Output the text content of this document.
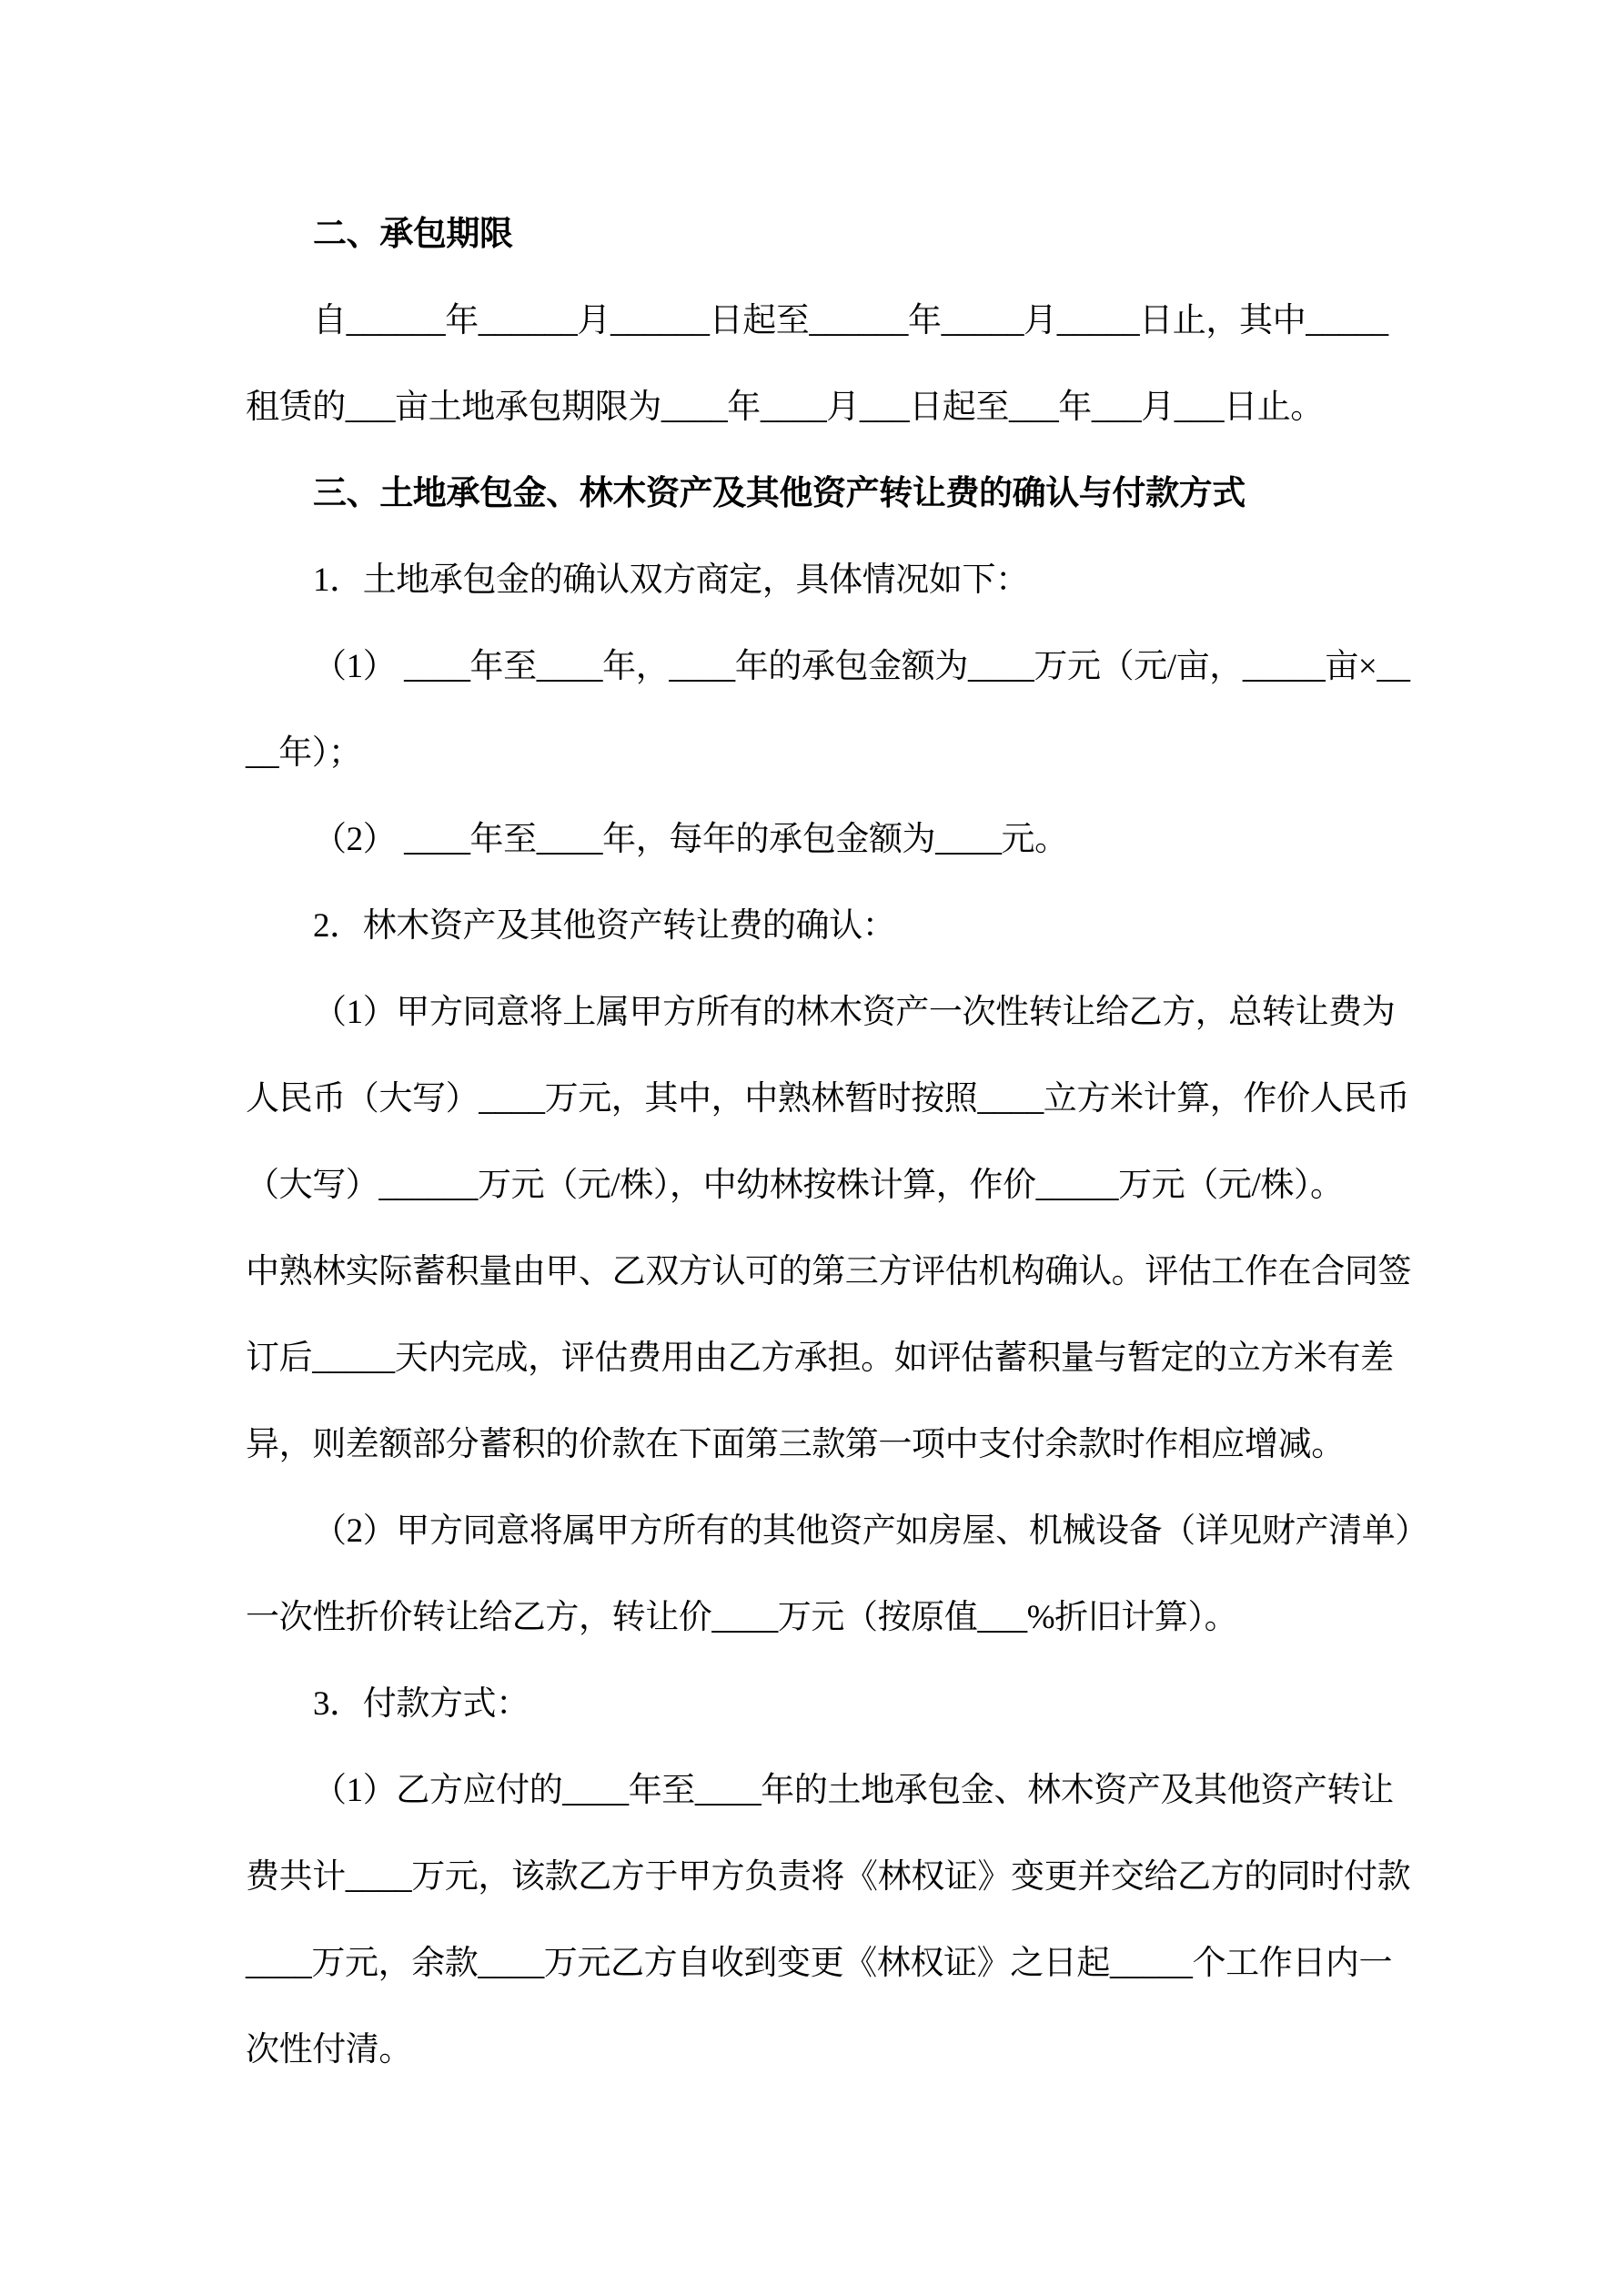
二、承包期限
自______年______月______日起至______年_____月_____日止，其中_____
租赁的___亩土地承包期限为____年____月___日起至___年___月___日止。
三、土地承包金、林木资产及其他资产转让费的确认与付款方式
1．土地承包金的确认双方商定，具体情况如下：
（1） ____年至____年，____年的承包金额为____万元（元/亩，_____亩×__
__年）；
（2） ____年至____年，每年的承包金额为____元。
2．林木资产及其他资产转让费的确认：
（1）甲方同意将上属甲方所有的林木资产一次性转让给乙方，总转让费为
人民币（大写）____万元，其中，中熟林暂时按照____立方米计算，作价人民币
（大写）______万元（元/株），中幼林按株计算，作价_____万元（元/株）。
中熟林实际蓄积量由甲、乙双方认可的第三方评估机构确认。评估工作在合同签
订后_____天内完成，评估费用由乙方承担。如评估蓄积量与暂定的立方米有差
异，则差额部分蓄积的价款在下面第三款第一项中支付余款时作相应增减。
（2）甲方同意将属甲方所有的其他资产如房屋、机械设备（详见财产清单）
一次性折价转让给乙方，转让价____万元（按原值___%折旧计算）。
3．付款方式：
（1）乙方应付的____年至____年的土地承包金、林木资产及其他资产转让
费共计____万元，该款乙方于甲方负责将《林权证》变更并交给乙方的同时付款
____万元，余款____万元乙方自收到变更《林权证》之日起_____个工作日内一
次性付清。
